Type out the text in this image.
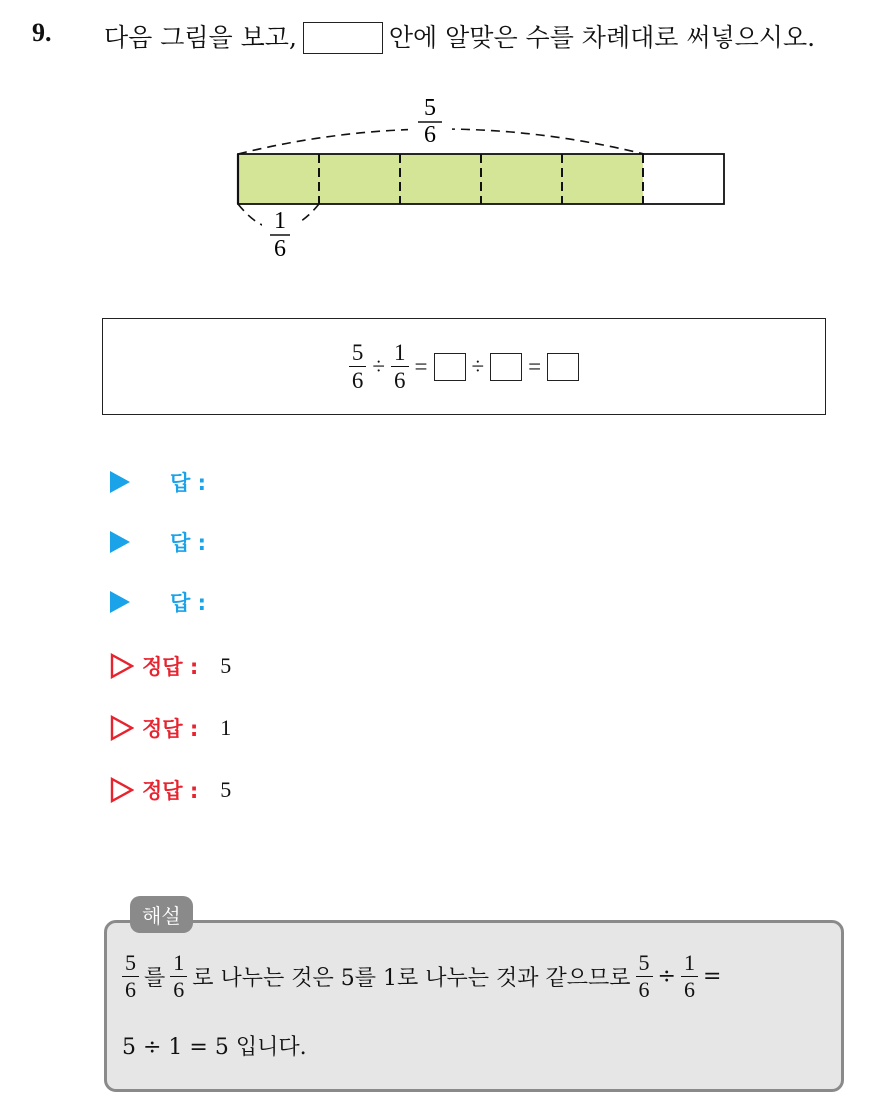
9. 다음 그림을 보고,	안에 알맞은 수를 차례대로 써넣으시오.
5
6
1
6
$\frac{5}{6} \div \frac{1}{6}$ = ÷ =
답 :
답 :
답 :
정답 : 5
정답 : 1
정답 : 5
해설
$\frac{5}{6}$ 를 $\frac{1}{6}$ 로 나누는 것은 5를 1로 나누는 것과 같으므로 $\frac{5}{6} \div \frac{1}{6}$ =
5 ÷ 1 = 5 입니다.
